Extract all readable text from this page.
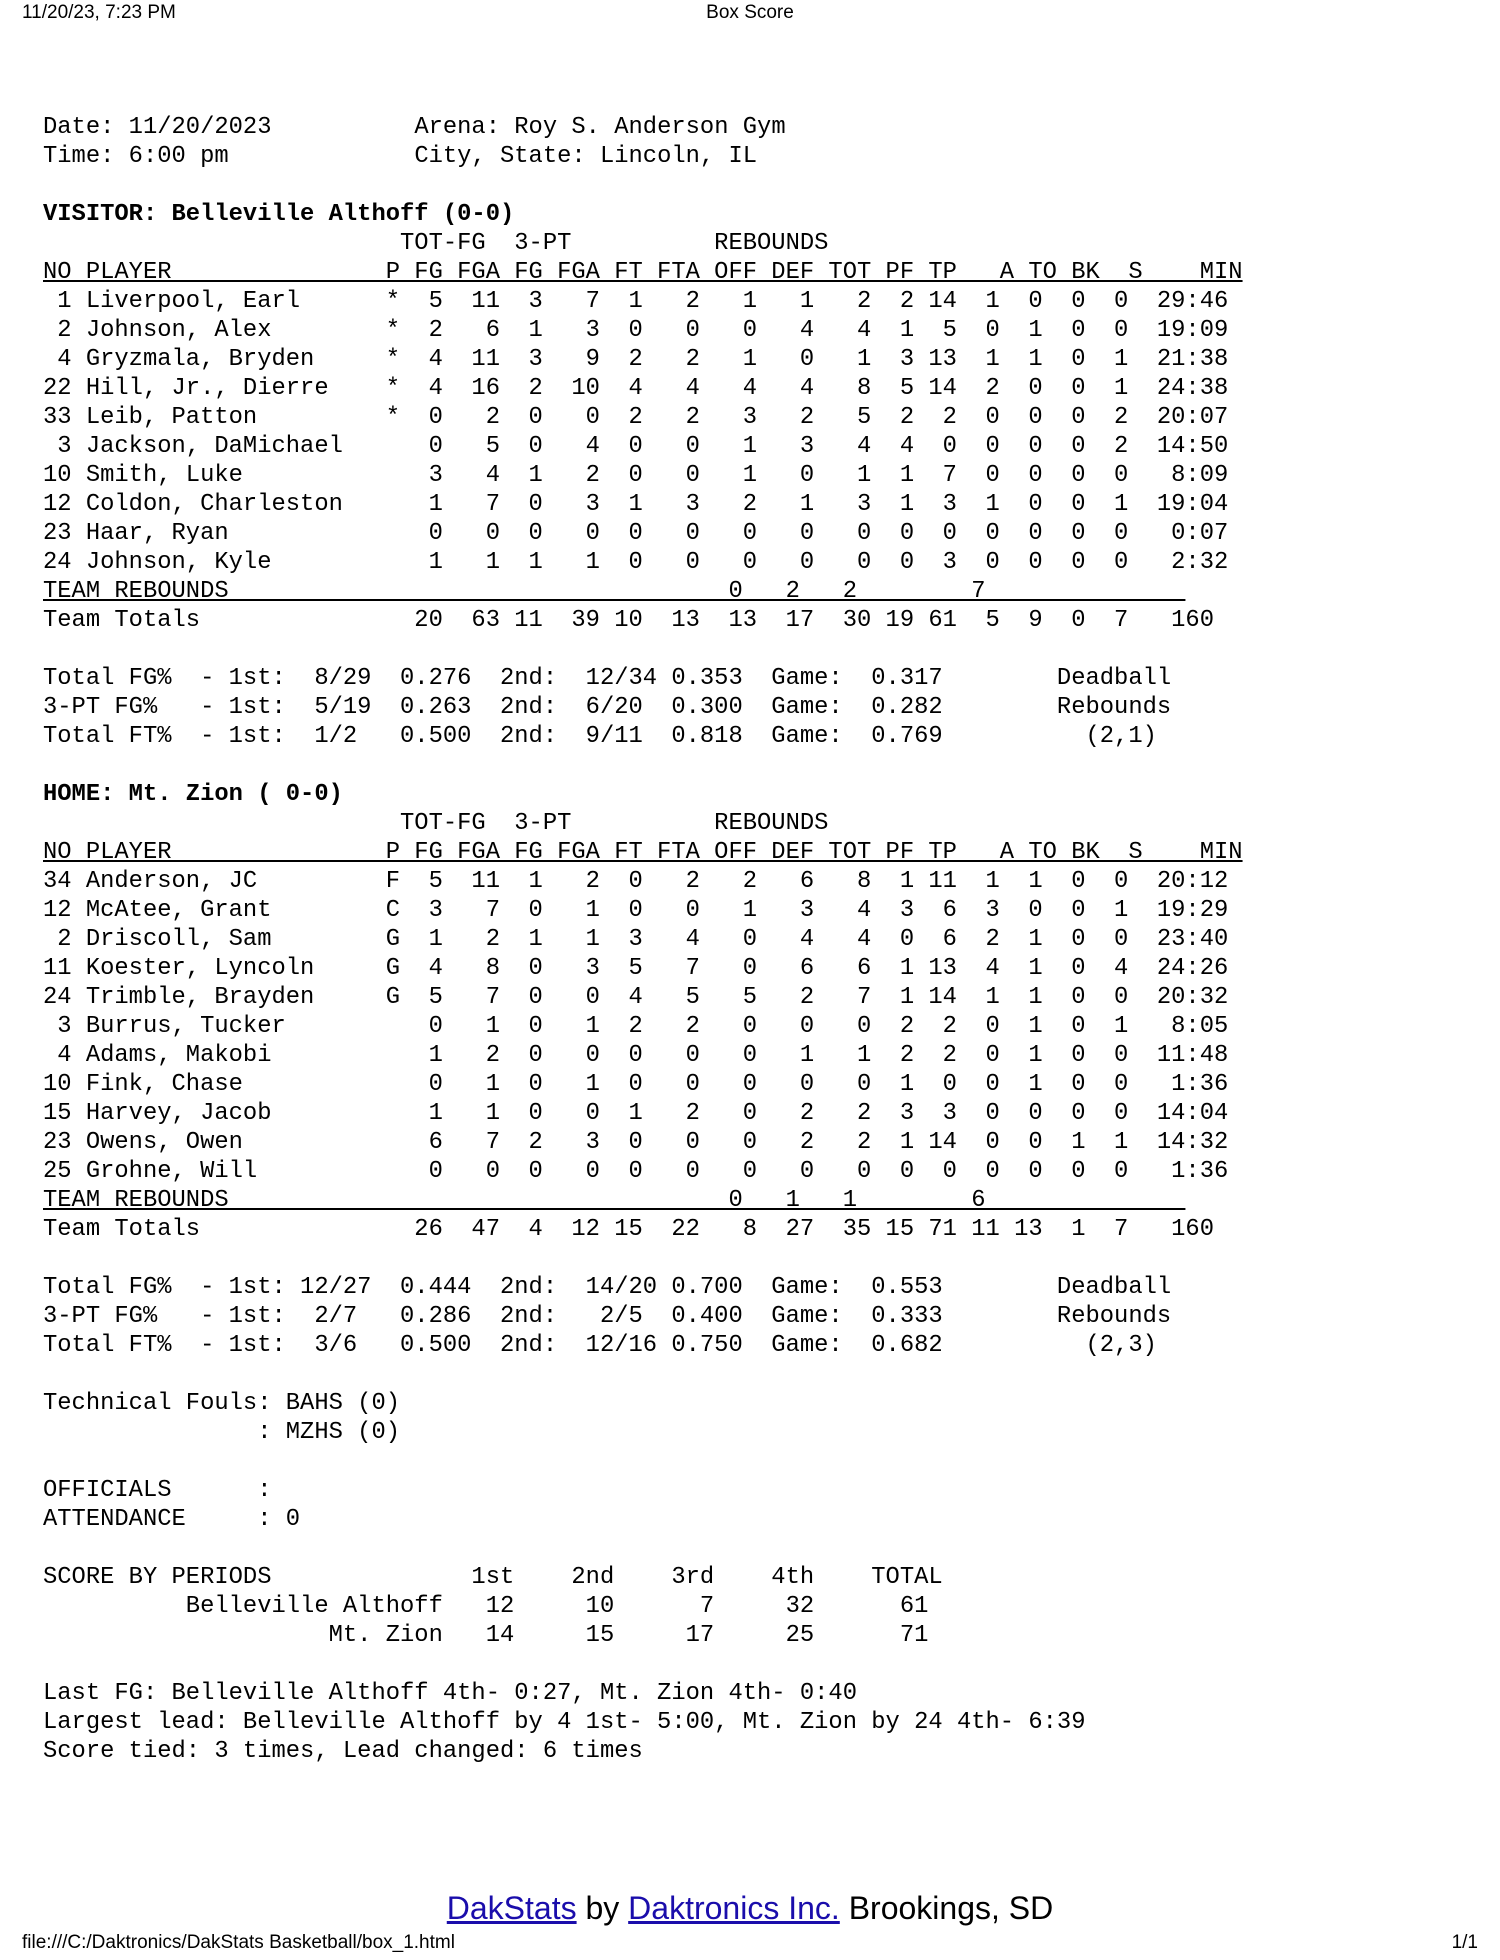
11/20/23, 7:23 PM	Box Score
Date: 11/20/2023	Arena: Roy S. Anderson Gym
Time: 6:00 pm	City, State: Lincoln, IL

VISITOR: Belleville Althoff (0-0)
TOT-FG  3-PT          REBOUNDS
NO PLAYER               P FG FGA FG FGA FT FTA OFF DEF TOT PF TP   A TO BK  S    MIN
1 Liverpool, Earl      *  5  11  3   7  1   2   1   1   2  2 14  1  0  0  0  29:46
2 Johnson, Alex        *  2   6  1   3  0   0   0   4   4  1  5  0  1  0  0  19:09
4 Gryzmala, Bryden     *  4  11  3   9  2   2   1   0   1  3 13  1  1  0  1  21:38
22 Hill, Jr., Dierre    *  4  16  2  10  4   4   4   4   8  5 14  2  0  0  1  24:38
33 Leib, Patton         *  0   2  0   0  2   2   3   2   5  2  2  0  0  0  2  20:07
3 Jackson, DaMichael      0   5  0   4  0   0   1   3   4  4  0  0  0  0  2  14:50
10 Smith, Luke             3   4  1   2  0   0   1   0   1  1  7  0  0  0  0   8:09
12 Coldon, Charleston      1   7  0   3  1   3   2   1   3  1  3  1  0  0  1  19:04
23 Haar, Ryan              0   0  0   0  0   0   0   0   0  0  0  0  0  0  0   0:07
24 Johnson, Kyle           1   1  1   1  0   0   0   0   0  0  3  0  0  0  0   2:32
TEAM REBOUNDS                                   0   2   2        7
Team Totals               20  63 11  39 10  13  13  17  30 19 61  5  9  0  7   160

Total FG%  - 1st:  8/29  0.276  2nd:  12/34 0.353  Game:  0.317        Deadball
3-PT FG%   - 1st:  5/19  0.263  2nd:  6/20  0.300  Game:  0.282        Rebounds
Total FT%  - 1st:  1/2   0.500  2nd:  9/11  0.818  Game:  0.769          (2,1)

HOME: Mt. Zion ( 0-0)
TOT-FG  3-PT          REBOUNDS
NO PLAYER               P FG FGA FG FGA FT FTA OFF DEF TOT PF TP   A TO BK  S    MIN
34 Anderson, JC         F  5  11  1   2  0   2   2   6   8  1 11  1  1  0  0  20:12
12 McAtee, Grant        C  3   7  0   1  0   0   1   3   4  3  6  3  0  0  1  19:29
2 Driscoll, Sam        G  1   2  1   1  3   4   0   4   4  0  6  2  1  0  0  23:40
11 Koester, Lyncoln     G  4   8  0   3  5   7   0   6   6  1 13  4  1  0  4  24:26
24 Trimble, Brayden     G  5   7  0   0  4   5   5   2   7  1 14  1  1  0  0  20:32
3 Burrus, Tucker          0   1  0   1  2   2   0   0   0  2  2  0  1  0  1   8:05
4 Adams, Makobi           1   2  0   0  0   0   0   1   1  2  2  0  1  0  0  11:48
10 Fink, Chase             0   1  0   1  0   0   0   0   0  1  0  0  1  0  0   1:36
15 Harvey, Jacob           1   1  0   0  1   2   0   2   2  3  3  0  0  0  0  14:04
23 Owens, Owen             6   7  2   3  0   0   0   2   2  1 14  0  0  1  1  14:32
25 Grohne, Will            0   0  0   0  0   0   0   0   0  0  0  0  0  0  0   1:36
TEAM REBOUNDS                                   0   1   1        6
Team Totals               26  47  4  12 15  22   8  27  35 15 71 11 13  1  7   160

Total FG%  - 1st: 12/27  0.444  2nd:  14/20 0.700  Game:  0.553        Deadball
3-PT FG%   - 1st:  2/7   0.286  2nd:   2/5  0.400  Game:  0.333        Rebounds
Total FT%  - 1st:  3/6   0.500  2nd:  12/16 0.750  Game:  0.682          (2,3)

Technical Fouls: BAHS (0)
: MZHS (0)

OFFICIALS      :
ATTENDANCE     : 0

SCORE BY PERIODS              1st    2nd    3rd    4th    TOTAL
Belleville Althoff   12     10      7     32      61
Mt. Zion   14     15     17     25      71

Last FG: Belleville Althoff 4th- 0:27, Mt. Zion 4th- 0:40
Largest lead: Belleville Althoff by 4 1st- 5:00, Mt. Zion by 24 4th- 6:39
Score tied: 3 times, Lead changed: 6 times
DakStats by Daktronics Inc. Brookings, SD
file:///C:/Daktronics/DakStats Basketball/box_1.html	1/1
